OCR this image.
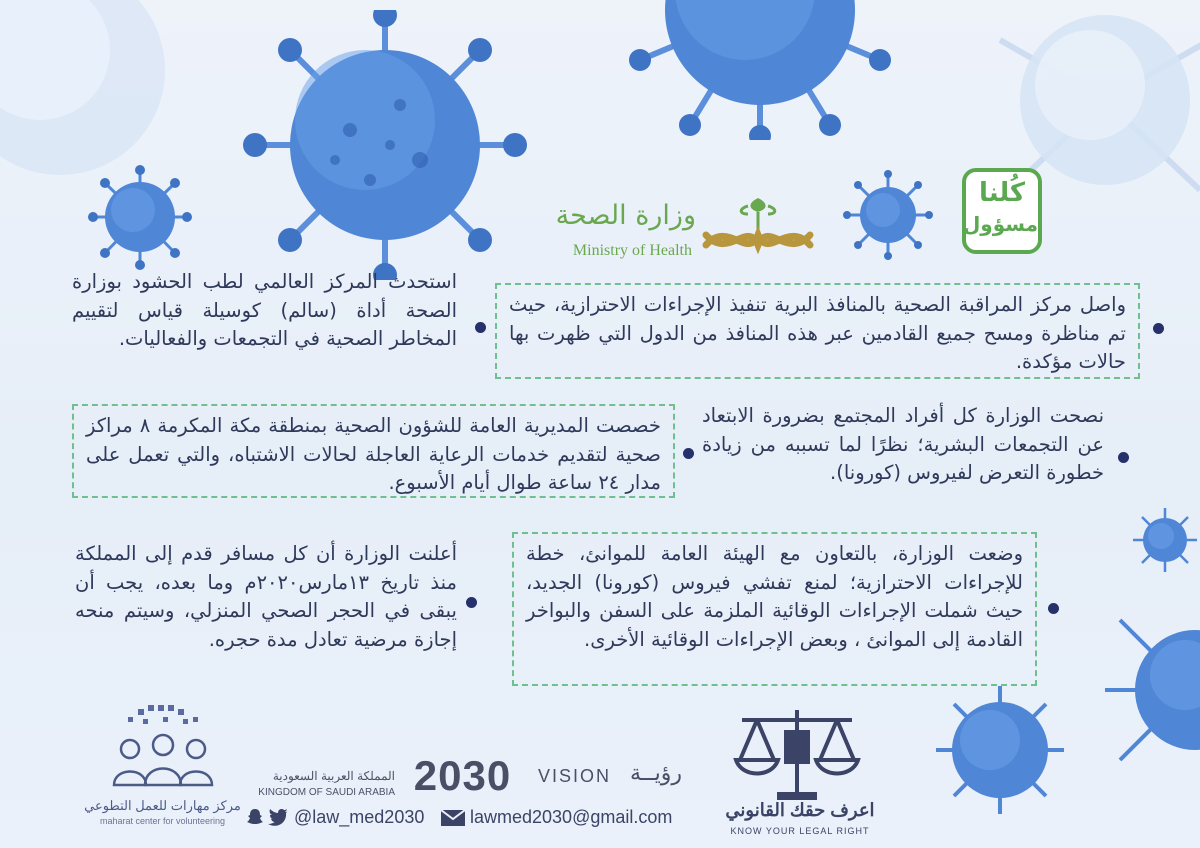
كُلنا
مسؤول
وزارة الصحة
Ministry of Health
واصل مركز المراقبة الصحية بالمنافذ البرية تنفيذ الإجراءات الاحترازية، حيث تم مناظرة ومسح جميع القادمين عبر هذه المنافذ من الدول التي ظهرت بها حالات مؤكدة.
استحدث المركز العالمي لطب الحشود بوزارة الصحة أداة (سالم) كوسيلة قياس لتقييم المخاطر الصحية في التجمعات والفعاليات.
نصحت الوزارة كل أفراد المجتمع بضرورة الابتعاد عن التجمعات البشرية؛ نظرًا لما تسببه من زيادة خطورة التعرض لفيروس (كورونا).
خصصت المديرية العامة للشؤون الصحية بمنطقة مكة المكرمة ٨ مراكز صحية لتقديم خدمات الرعاية العاجلة لحالات الاشتباه، والتي تعمل على مدار ٢٤ ساعة طوال أيام الأسبوع.
وضعت الوزارة، بالتعاون مع الهيئة العامة للموانئ، خطة للإجراءات الاحترازية؛ لمنع تفشي فيروس (كورونا) الجديد، حيث شملت الإجراءات الوقائية الملزمة على السفن والبواخر القادمة إلى الموانئ ، وبعض الإجراءات الوقائية الأخرى.
أعلنت الوزارة أن كل مسافر قدم إلى المملكة منذ تاريخ ١٣مارس٢٠٢٠م وما بعده، يجب أن يبقى في الحجر الصحي المنزلي، وسيتم منحه إجازة مرضية تعادل مدة حجره.
مركز مهارات للعمل التطوعي
maharat center for volunteering
المملكة العربية السعودية
KINGDOM OF SAUDI ARABIA 2030	VISION رؤيــة
@law_med2030	lawmed2030@gmail.com	اعرف حقك القانوني
KNOW YOUR LEGAL RIGHT
